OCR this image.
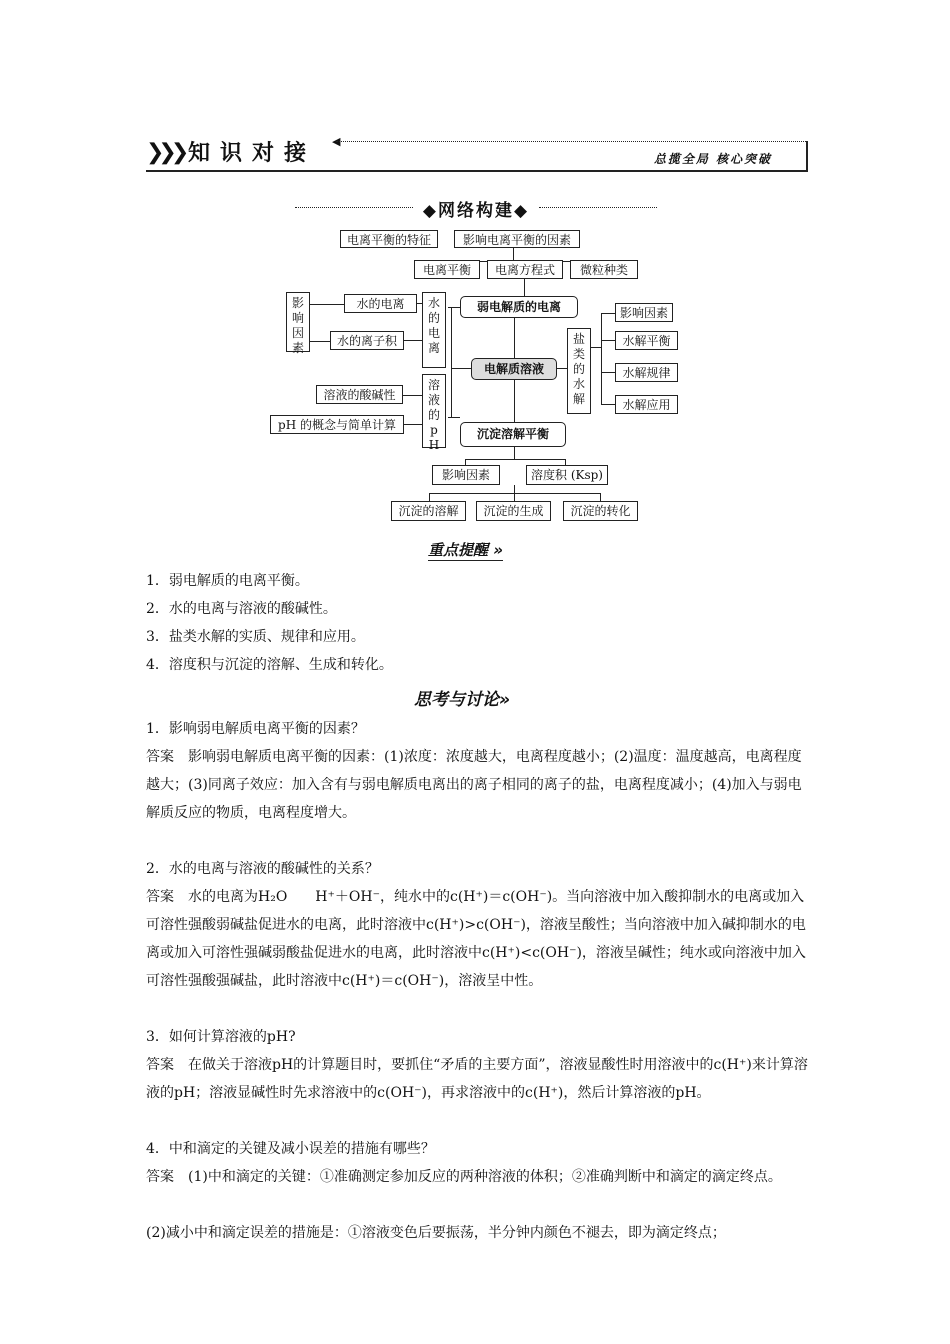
❯❯❯ 知识对接 ◀
总揽全局 核心突破
◆网络构建◆
电离平衡的特征	影响电离平衡的因素
电离平衡	电离方程式	微粒种类
弱电解质的电离
电解质溶液
水的电离
溶液的pH
盐类的水解
影响因素
水的电离
水的离子积
溶液的酸碱性
pH 的概念与简单计算
影响因素
水解平衡
水解规律
水解应用
沉淀溶解平衡
影响因素	溶度积 (Ksp)
沉淀的溶解	沉淀的生成	沉淀的转化
重点提醒 »

1．弱电解质的电离平衡。

2．水的电离与溶液的酸碱性。

3．盐类水解的实质、规律和应用。

4．溶度积与沉淀的溶解、生成和转化。

思考与讨论»

1．影响弱电解质电离平衡的因素？

答案　影响弱电解质电离平衡的因素：(1)浓度：浓度越大，电离程度越小；(2)温度：温度越高，电离程度越大；(3)同离子效应：加入含有与弱电解质电离出的离子相同的离子的盐，电离程度减小；(4)加入与弱电解质反应的物质，电离程度增大。

2．水的电离与溶液的酸碱性的关系？

答案　水的电离为H₂O　　H⁺＋OH⁻，纯水中的c(H⁺)＝c(OH⁻)。当向溶液中加入酸抑制水的电离或加入可溶性强酸弱碱盐促进水的电离，此时溶液中c(H⁺)>c(OH⁻)，溶液呈酸性；当向溶液中加入碱抑制水的电离或加入可溶性强碱弱酸盐促进水的电离，此时溶液中c(H⁺)<c(OH⁻)，溶液呈碱性；纯水或向溶液中加入可溶性强酸强碱盐，此时溶液中c(H⁺)＝c(OH⁻)，溶液呈中性。

3．如何计算溶液的pH?

答案　在做关于溶液pH的计算题目时，要抓住“矛盾的主要方面”，溶液显酸性时用溶液中的c(H⁺)来计算溶液的pH；溶液显碱性时先求溶液中的c(OH⁻)，再求溶液中的c(H⁺)，然后计算溶液的pH。

4．中和滴定的关键及减小误差的措施有哪些？

答案　(1)中和滴定的关键：①准确测定参加反应的两种溶液的体积；②准确判断中和滴定的滴定终点。

(2)减小中和滴定误差的措施是：①溶液变色后要振荡，半分钟内颜色不褪去，即为滴定终点；
